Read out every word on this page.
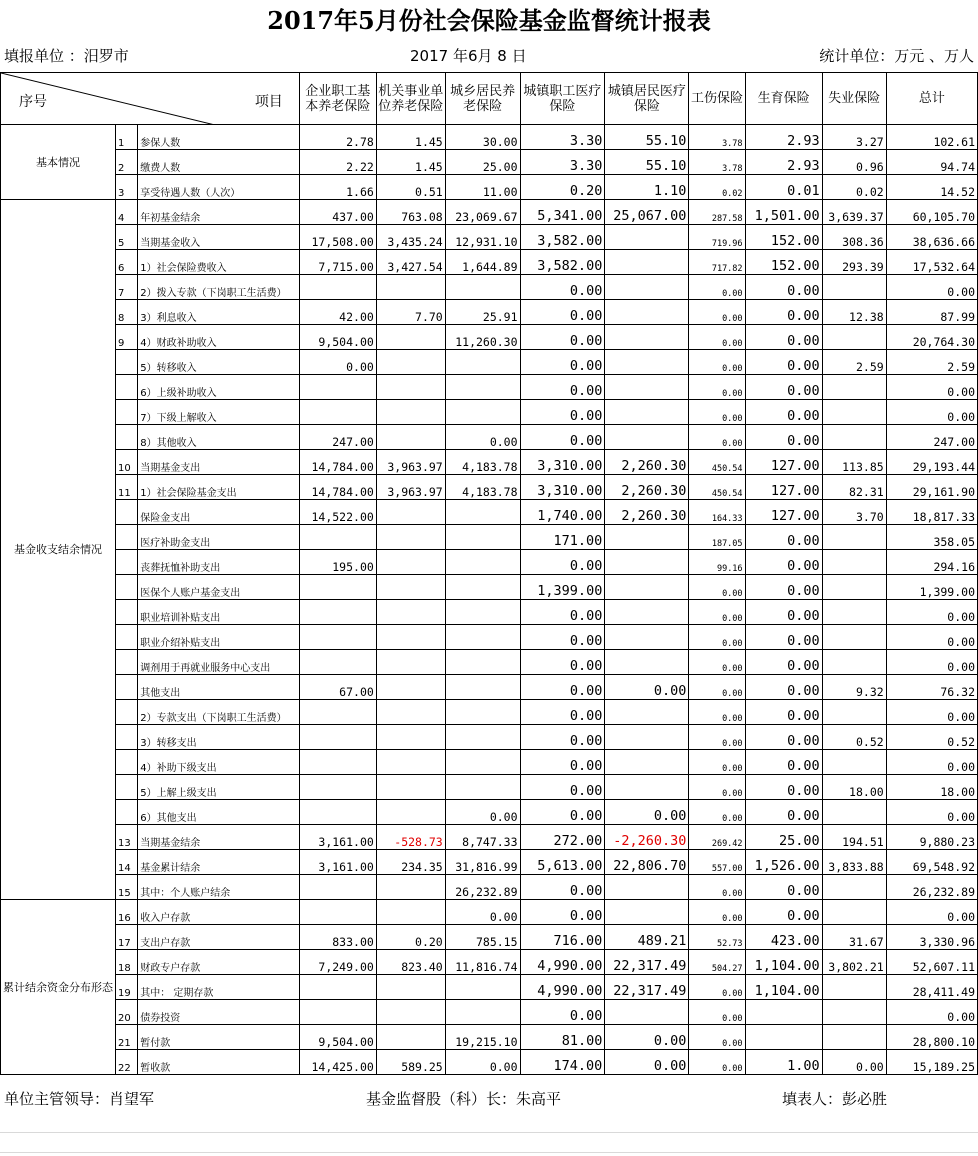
2017年5月份社会保险基金监督统计报表
填报单位 ：汨罗市	2017 年6月 8 日	统计单位：万元 、万人
序号 项目			企业职工基本养老保险	机关事业单位养老保险	城乡居民养老保险	城镇职工医疗保险	城镇居民医疗保险	工伤保险	生育保险	失业保险	总计
基本情况	1	参保人数	2.78	1.45	30.00	3.30	55.10	3.78	2.93	3.27	102.61
	2	缴费人数	2.22	1.45	25.00	3.30	55.10	3.78	2.93	0.96	94.74
	3	享受待遇人数（人次）	1.66	0.51	11.00	0.20	1.10	0.02	0.01	0.02	14.52
基金收支结余情况	4	年初基金结余	437.00	763.08	23,069.67	5,341.00	25,067.00	287.58	1,501.00	3,639.37	60,105.70
	5	当期基金收入	17,508.00	3,435.24	12,931.10	3,582.00		719.96	152.00	308.36	38,636.66
	6	1）社会保险费收入	7,715.00	3,427.54	1,644.89	3,582.00		717.82	152.00	293.39	17,532.64
	7	2）拨入专款（下岗职工生活费）				0.00		0.00	0.00		0.00
	8	3）利息收入	42.00	7.70	25.91	0.00		0.00	0.00	12.38	87.99
	9	4）财政补助收入	9,504.00		11,260.30	0.00		0.00	0.00		20,764.30
		5）转移收入	0.00			0.00		0.00	0.00	2.59	2.59
		6）上级补助收入				0.00		0.00	0.00		0.00
		7）下级上解收入				0.00		0.00	0.00		0.00
		8）其他收入	247.00		0.00	0.00		0.00	0.00		247.00
	10	当期基金支出	14,784.00	3,963.97	4,183.78	3,310.00	2,260.30	450.54	127.00	113.85	29,193.44
	11	1）社会保险基金支出	14,784.00	3,963.97	4,183.78	3,310.00	2,260.30	450.54	127.00	82.31	29,161.90
		保险金支出	14,522.00			1,740.00	2,260.30	164.33	127.00	3.70	18,817.33
		医疗补助金支出				171.00		187.05	0.00		358.05
		丧葬抚恤补助支出	195.00			0.00		99.16	0.00		294.16
		医保个人账户基金支出				1,399.00		0.00	0.00		1,399.00
		职业培训补贴支出				0.00		0.00	0.00		0.00
		职业介绍补贴支出				0.00		0.00	0.00		0.00
		调剂用于再就业服务中心支出				0.00		0.00	0.00		0.00
		其他支出	67.00			0.00	0.00	0.00	0.00	9.32	76.32
		2）专款支出（下岗职工生活费）				0.00		0.00	0.00		0.00
		3）转移支出				0.00		0.00	0.00	0.52	0.52
		4）补助下级支出				0.00		0.00	0.00		0.00
		5）上解上级支出				0.00		0.00	0.00	18.00	18.00
		6）其他支出			0.00	0.00	0.00	0.00	0.00		0.00
	13	当期基金结余	3,161.00	-528.73	8,747.33	272.00	-2,260.30	269.42	25.00	194.51	9,880.23
	14	基金累计结余	3,161.00	234.35	31,816.99	5,613.00	22,806.70	557.00	1,526.00	3,833.88	69,548.92
	15	其中：个人账户结余			26,232.89	0.00		0.00	0.00		26,232.89
累计结余资金分布形态	16	收入户存款			0.00	0.00		0.00	0.00		0.00
	17	支出户存款	833.00	0.20	785.15	716.00	489.21	52.73	423.00	31.67	3,330.96
	18	财政专户存款	7,249.00	823.40	11,816.74	4,990.00	22,317.49	504.27	1,104.00	3,802.21	52,607.11
	19	其中： 定期存款				4,990.00	22,317.49	0.00	1,104.00		28,411.49
	20	债券投资				0.00		0.00			0.00
	21	暂付款	9,504.00		19,215.10	81.00	0.00	0.00			28,800.10
	22	暂收款	14,425.00	589.25	0.00	174.00	0.00	0.00	1.00	0.00	15,189.25
单位主管领导：肖望军	基金监督股（科）长：朱高平	填表人：彭必胜
